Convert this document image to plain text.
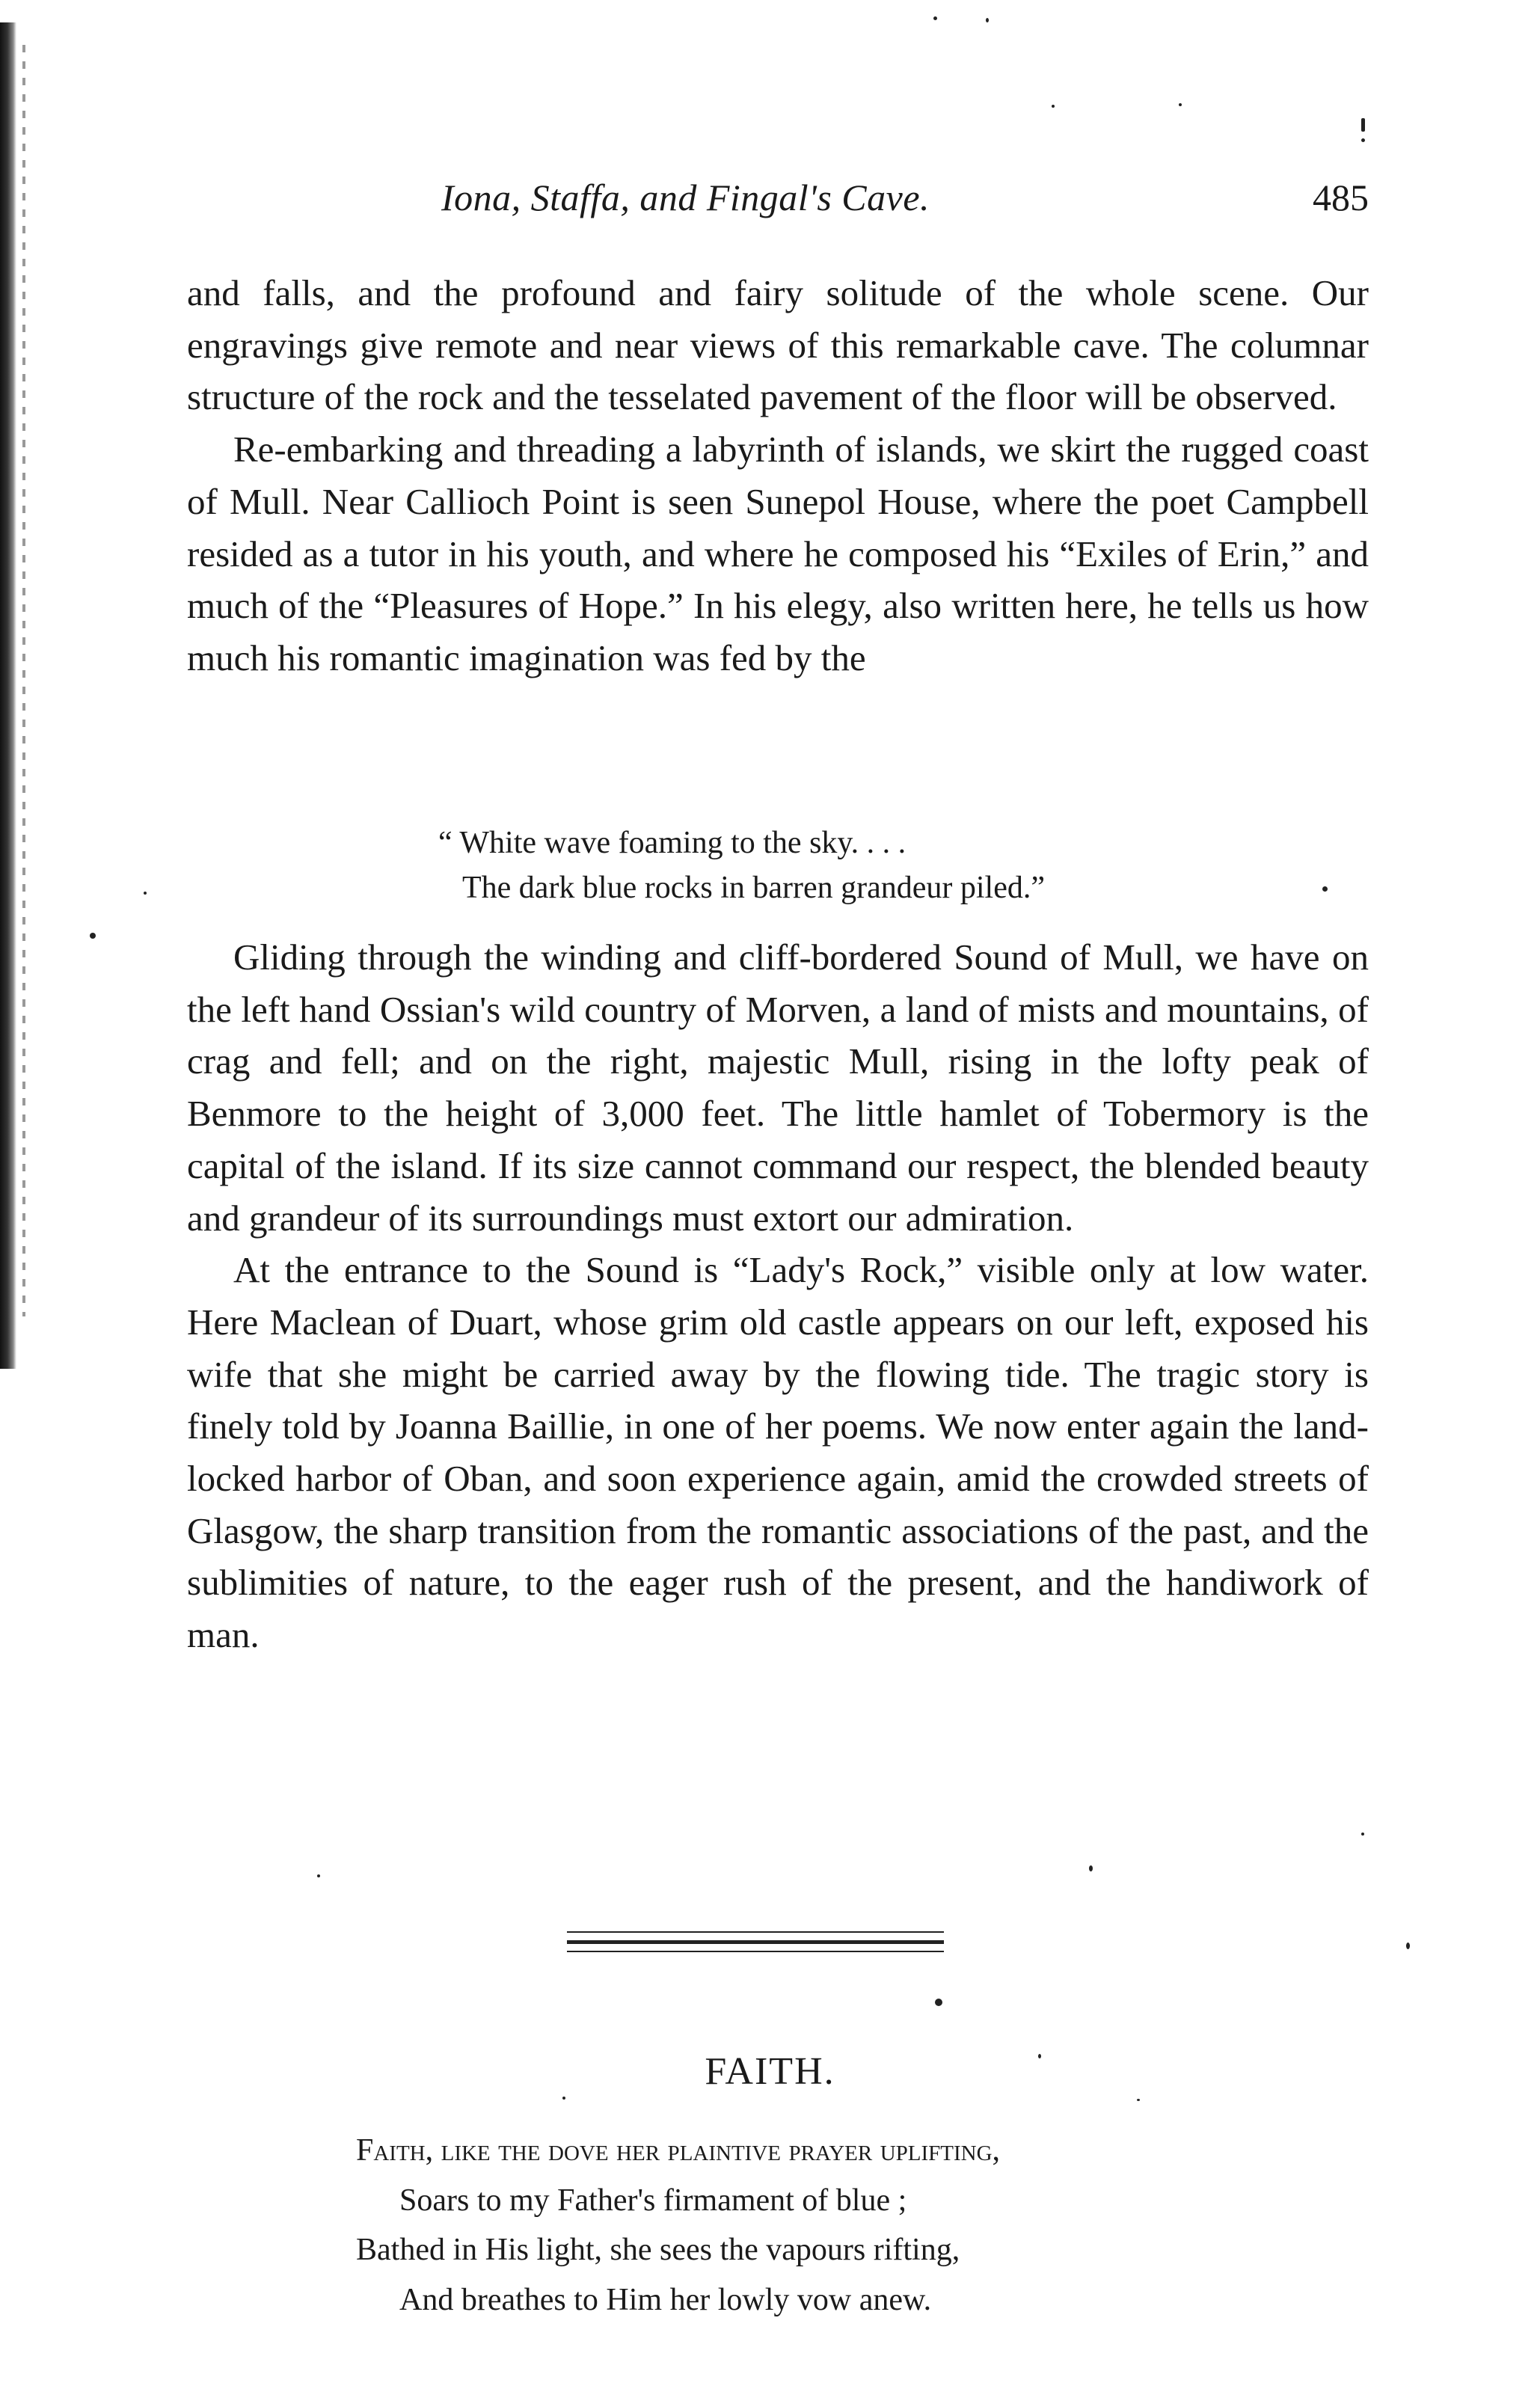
Iona, Staffa, and Fingal's Cave.	485

and falls, and the profound and fairy solitude of the whole scene. Our engravings give remote and near views of this remarkable cave. The columnar structure of the rock and the tesselated pavement of the floor will be observed.

Re-embarking and threading a labyrinth of islands, we skirt the rugged coast of Mull. Near Callioch Point is seen Sunepol House, where the poet Campbell resided as a tutor in his youth, and where he composed his “Exiles of Erin,” and much of the “Pleasures of Hope.” In his elegy, also written here, he tells us how much his romantic imagination was fed by the

“ White wave foaming to the sky. . . .
The dark blue rocks in barren grandeur piled.”

Gliding through the winding and cliff-bordered Sound of Mull, we have on the left hand Ossian's wild country of Morven, a land of mists and mountains, of crag and fell; and on the right, majestic Mull, rising in the lofty peak of Benmore to the height of 3,000 feet. The little hamlet of Tobermory is the capital of the island. If its size cannot command our respect, the blended beauty and grandeur of its surroundings must extort our admiration.

At the entrance to the Sound is “Lady's Rock,” visible only at low water. Here Maclean of Duart, whose grim old castle appears on our left, exposed his wife that she might be carried away by the flowing tide. The tragic story is finely told by Joanna Baillie, in one of her poems. We now enter again the land-locked harbor of Oban, and soon experience again, amid the crowded streets of Glasgow, the sharp transition from the romantic associations of the past, and the sublimities of nature, to the eager rush of the present, and the handiwork of man.

FAITH.
Faith, like the dove her plaintive prayer uplifting,
Soars to my Father's firmament of blue ;
Bathed in His light, she sees the vapours rifting,
And breathes to Him her lowly vow anew.
